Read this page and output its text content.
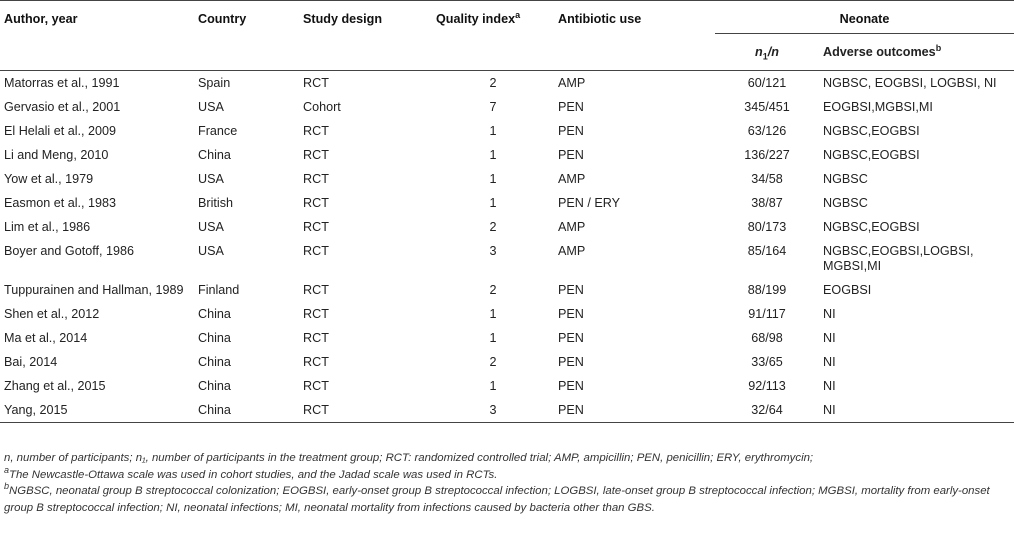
Author, year	Country	Study design	Quality index$^a$	Antibiotic use	Neonate	
					$n_1/n$	Adverse outcomes$^b$
Matorras et al., 1991	Spain	RCT	2	AMP	60/121	NGBSC, EOGBSI, LOGBSI, NI
Gervasio et al., 2001	USA	Cohort	7	PEN	345/451	EOGBSI,MGBSI,MI
El Helali et al., 2009	France	RCT	1	PEN	63/126	NGBSC,EOGBSI
Li and Meng, 2010	China	RCT	1	PEN	136/227	NGBSC,EOGBSI
Yow et al., 1979	USA	RCT	1	AMP	34/58	NGBSC
Easmon et al., 1983	British	RCT	1	PEN / ERY	38/87	NGBSC
Lim et al., 1986	USA	RCT	2	AMP	80/173	NGBSC,EOGBSI
Boyer and Gotoff, 1986	USA	RCT	3	AMP	85/164	NGBSC,EOGBSI,LOGBSI, MGBSI,MI
Tuppurainen and Hallman, 1989	Finland	RCT	2	PEN	88/199	EOGBSI
Shen et al., 2012	China	RCT	1	PEN	91/117	NI
Ma et al., 2014	China	RCT	1	PEN	68/98	NI
Bai, 2014	China	RCT	2	PEN	33/65	NI
Zhang et al., 2015	China	RCT	1	PEN	92/113	NI
Yang, 2015	China	RCT	3	PEN	32/64	NI

n, number of participants; n₁, number of participants in the treatment group; RCT: randomized controlled trial; AMP, ampicillin; PEN, penicillin; ERY, erythromycin;

$^a$The Newcastle-Ottawa scale was used in cohort studies, and the Jadad scale was used in RCTs.

$^b$NGBSC, neonatal group B streptococcal colonization; EOGBSI, early-onset group B streptococcal infection; LOGBSI, late-onset group B streptococcal infection; MGBSI, mortality from early-onset group B streptococcal infection; NI, neonatal infections; MI, neonatal mortality from infections caused by bacteria other than GBS.
